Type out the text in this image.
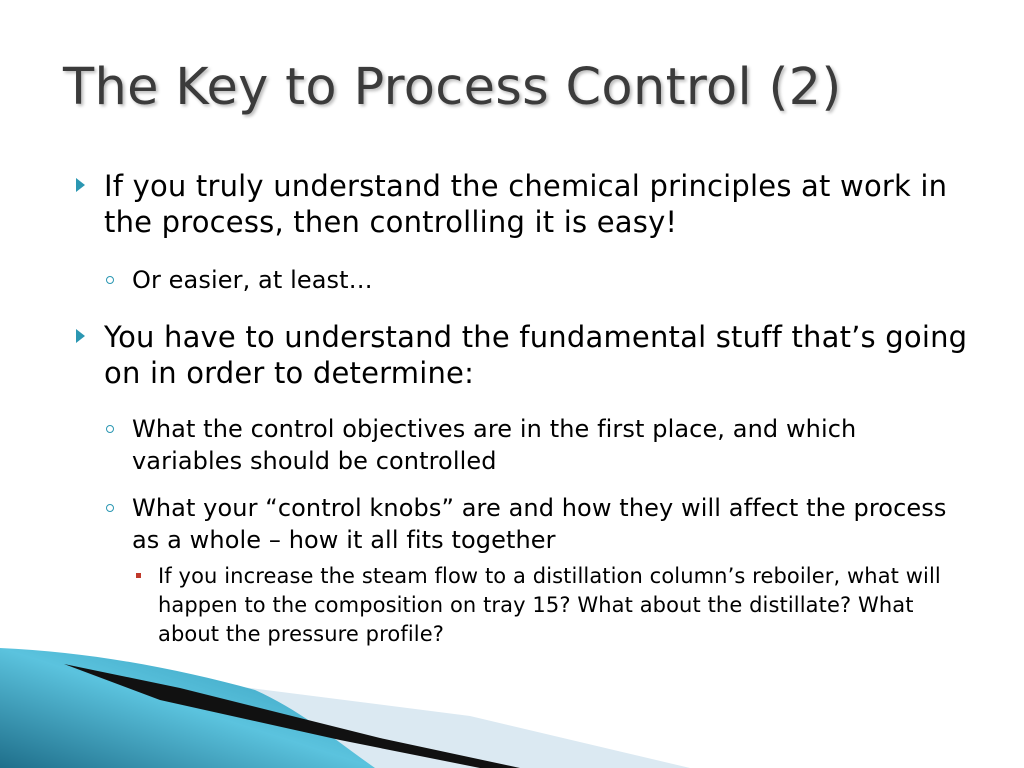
The Key to Process Control (2)
If you truly understand the chemical principles at work in the process, then controlling it is easy!
Or easier, at least…
You have to understand the fundamental stuff that’s going on in order to determine:
What the control objectives are in the first place, and which variables should be controlled
What your “control knobs” are and how they will affect the process as a whole – how it all fits together
If you increase the steam flow to a distillation column’s reboiler, what will happen to the composition on tray 15? What about the distillate? What about the pressure profile?
